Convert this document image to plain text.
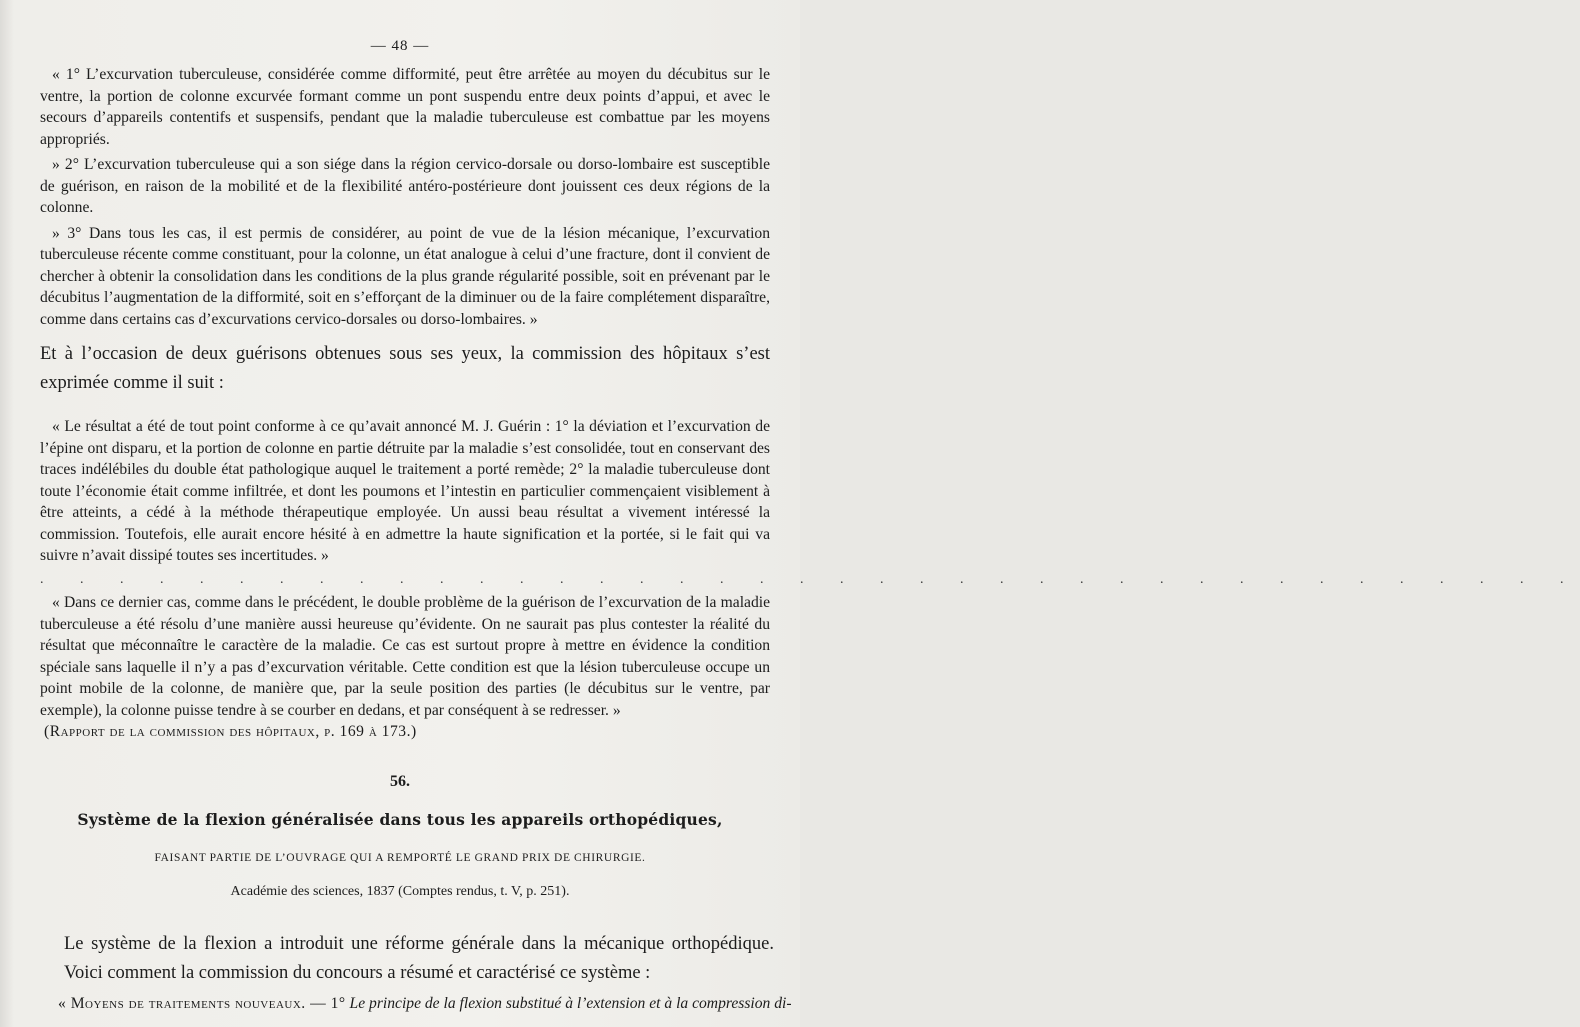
— 48 —

« 1° L’excurvation tuberculeuse, considérée comme difformité, peut être arrêtée au moyen du décubitus sur le ventre, la portion de colonne excurvée formant comme un pont suspendu entre deux points d’appui, et avec le secours d’appareils contentifs et suspensifs, pendant que la maladie tuberculeuse est combattue par les moyens appropriés.

» 2° L’excurvation tuberculeuse qui a son siége dans la région cervico-dorsale ou dorso-lombaire est susceptible de guérison, en raison de la mobilité et de la flexibilité antéro-postérieure dont jouissent ces deux régions de la colonne.

» 3° Dans tous les cas, il est permis de considérer, au point de vue de la lésion mécanique, l’excurvation tuberculeuse récente comme constituant, pour la colonne, un état analogue à celui d’une fracture, dont il convient de chercher à obtenir la consolidation dans les conditions de la plus grande régularité possible, soit en prévenant par le décubitus l’augmentation de la difformité, soit en s’efforçant de la diminuer ou de la faire complétement disparaître, comme dans certains cas d’excurvations cervico-dorsales ou dorso-lombaires. »

Et à l’occasion de deux guérisons obtenues sous ses yeux, la commission des hôpitaux s’est exprimée comme il suit :

« Le résultat a été de tout point conforme à ce qu’avait annoncé M. J. Guérin : 1° la déviation et l’excurvation de l’épine ont disparu, et la portion de colonne en partie détruite par la maladie s’est consolidée, tout en conservant des traces indélébiles du double état pathologique auquel le traitement a porté remède; 2° la maladie tuberculeuse dont toute l’économie était comme infiltrée, et dont les poumons et l’intestin en particulier commençaient visiblement à être atteints, a cédé à la méthode thérapeutique employée. Un aussi beau résultat a vivement intéressé la commission. Toutefois, elle aurait encore hésité à en admettre la haute signification et la portée, si le fait qui va suivre n’avait dissipé toutes ses incertitudes. »

. . . . . . . . . . . . . . . . . . . . . . . . . . . . . . . . . . . . . . .

« Dans ce dernier cas, comme dans le précédent, le double problème de la guérison de l’excurvation de la maladie tuberculeuse a été résolu d’une manière aussi heureuse qu’évidente. On ne saurait pas plus contester la réalité du résultat que méconnaître le caractère de la maladie. Ce cas est surtout propre à mettre en évidence la condition spéciale sans laquelle il n’y a pas d’excurvation véritable. Cette condition est que la lésion tuberculeuse occupe un point mobile de la colonne, de manière que, par la seule position des parties (le décubitus sur le ventre, par exemple), la colonne puisse tendre à se courber en dedans, et par conséquent à se redresser. »

(Rapport de la commission des hôpitaux, p. 169 à 173.)

56.
Système de la flexion généralisée dans tous les appareils orthopédiques,
FAISANT PARTIE DE L’OUVRAGE QUI A REMPORTÉ LE GRAND PRIX DE CHIRURGIE.
Académie des sciences, 1837 (Comptes rendus, t. V, p. 251).

Le système de la flexion a introduit une réforme générale dans la mécanique orthopédique. Voici comment la commission du concours a résumé et caractérisé ce système :

« Moyens de traitements nouveaux. — 1° Le principe de la flexion substitué à l’extension et à la compression di-
